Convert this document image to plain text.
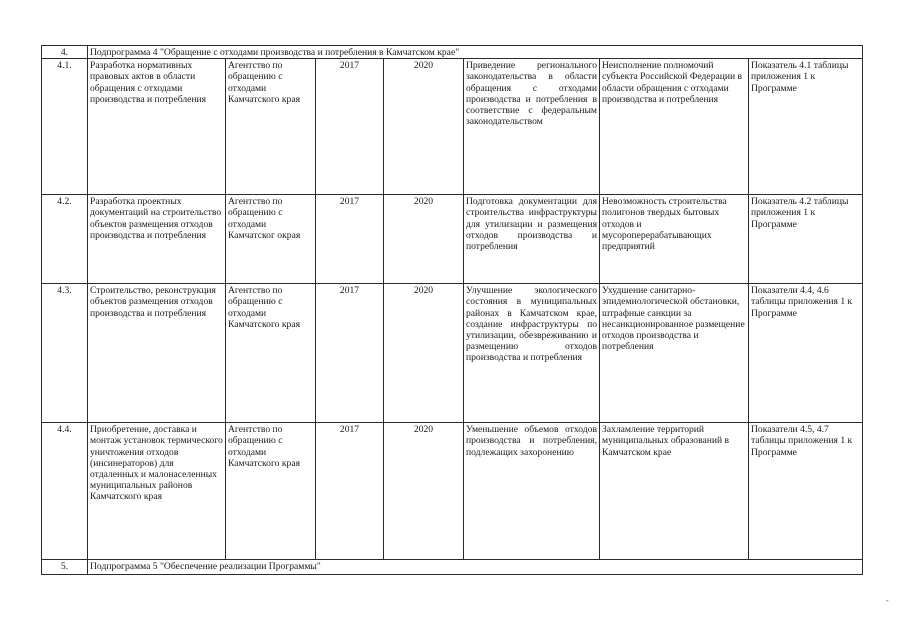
4.	Подпрограмма 4 "Обращение с отходами производства и потребления в Камчатском крае"						
4.1.	Разработка нормативных правовых актов в области обращения с отходами производства и потребления	Агентство по обращению с отходами Камчатского края	2017	2020	Приведение регионального законодательства в области обращения с отходами производства и потребления в соответствие с федеральным законодательством	Неисполнение полномочий субъекта Российской Федерации в области обращения с отходами производства и потребления	Показатель 4.1 таблицы приложения 1 к Программе
4.2.	Разработка проектных документаций на строительство объектов размещения отходов производства и потребления	Агентство по обращению с отходами Камчатског окрая	2017	2020	Подготовка документации для строительства инфраструктуры для утилизации и размещения отходов производства и потребления	Невозможность строительства полигонов твердых бытовых отходов и мусороперерабатывающих предприятий	Показатель 4.2 таблицы приложения 1 к Программе
4.3.	Строительство, реконструкция объектов размещения отходов производства и потребления	Агентство по обращению с отходами Камчатского края	2017	2020	Улучшение экологического состояния в муниципальных районах в Камчатском крае, создание инфраструктуры по утилизации, обезвреживанию и размещению отходов производства и потребления	Ухудшение санитарно-эпидемиологической обстановки, штрафные санкции за несанкционированное размещение отходов производства и потребления	Показатели 4.4, 4.6 таблицы приложения 1 к Программе
4.4.	Приобретение, доставка и монтаж установок термического уничтожения отходов (инсинераторов) для отдаленных и малонаселенных муниципальных районов Камчатского края	Агентство по обращению с отходами Камчатского края	2017	2020	Уменьшение объемов отходов производства и потребления, подлежащих захоронению	Захламление территорий муниципальных образований в Камчатском крае	Показатели 4.5, 4.7 таблицы приложения 1 к Программе
5.	Подпрограмма 5 "Обеспечение реализации Программы"						
-
